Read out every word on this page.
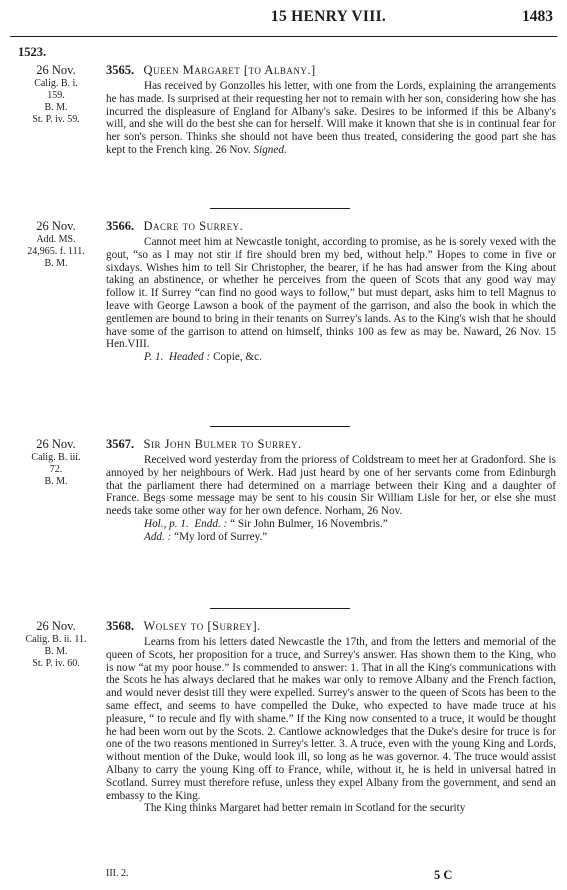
15 HENRY VIII.	1483
1523.
26 Nov.
Calig. B. i.
159.
B. M.
St. P. iv. 59.
3565. Queen Margaret [to Albany.]

Has received by Gonzolles his letter, with one from the Lords, explaining the arrangements he has made. Is surprised at their requesting her not to remain with her son, considering how she has incurred the displeasure of England for Albany's sake. Desires to be informed if this be Albany's will, and she will do the best she can for herself. Will make it known that she is in continual fear for her son's person. Thinks she should not have been thus treated, considering the good part she has kept to the French king. 26 Nov. Signed.

26 Nov.
Add. MS.
24,965. f. 111.
B. M.
3566. Dacre to Surrey.

Cannot meet him at Newcastle tonight, according to promise, as he is sorely vexed with the gout, “so as I may not stir if fire should bren my bed, without help.” Hopes to come in five or sixdays. Wishes him to tell Sir Christopher, the bearer, if he has had answer from the King about taking an abstinence, or whether he perceives from the queen of Scots that any good way may follow it. If Surrey “can find no good ways to follow,” but must depart, asks him to tell Magnus to leave with George Lawson a book of the payment of the garrison, and also the book in which the gentlemen are bound to bring in their tenants on Surrey's lands. As to the King's wish that he should have some of the garrison to attend on himself, thinks 100 as few as may be. Naward, 26 Nov. 15 Hen.VIII.

P. 1. Headed : Copie, &c.

26 Nov.
Calig. B. iii.
72.
B. M.
3567. Sir John Bulmer to Surrey.

Received word yesterday from the prioress of Coldstream to meet her at Gradonford. She is annoyed by her neighbours of Werk. Had just heard by one of her servants come from Edinburgh that the parliament there had determined on a marriage between their King and a daughter of France. Begs some message may be sent to his cousin Sir William Lisle for her, or else she must needs take some other way for her own defence. Norham, 26 Nov.

Hol., p. 1. Endd. : “ Sir John Bulmer, 16 Novembris.”

Add. : “My lord of Surrey.”

26 Nov.
Calig. B. ii. 11.
B. M.
St. P. iv. 60.
3568. Wolsey to [Surrey].

Learns from his letters dated Newcastle the 17th, and from the letters and memorial of the queen of Scots, her proposition for a truce, and Surrey's answer. Has shown them to the King, who is now “at my poor house.” Is commended to answer: 1. That in all the King's communications with the Scots he has always declared that he makes war only to remove Albany and the French faction, and would never desist till they were expelled. Surrey's answer to the queen of Scots has been to the same effect, and seems to have compelled the Duke, who expected to have made truce at his pleasure, “ to recule and fly with shame.” If the King now consented to a truce, it would be thought he had been worn out by the Scots. 2. Cantlowe acknowledges that the Duke's desire for truce is for one of the two reasons mentioned in Surrey's letter. 3. A truce, even with the young King and Lords, without mention of the Duke, would look ill, so long as he was governor. 4. The truce would assist Albany to carry the young King off to France, while, without it, he is held in universal hatred in Scotland. Surrey must therefore refuse, unless they expel Albany from the government, and send an embassy to the King.

The King thinks Margaret had better remain in Scotland for the security

III. 2.	5 C
